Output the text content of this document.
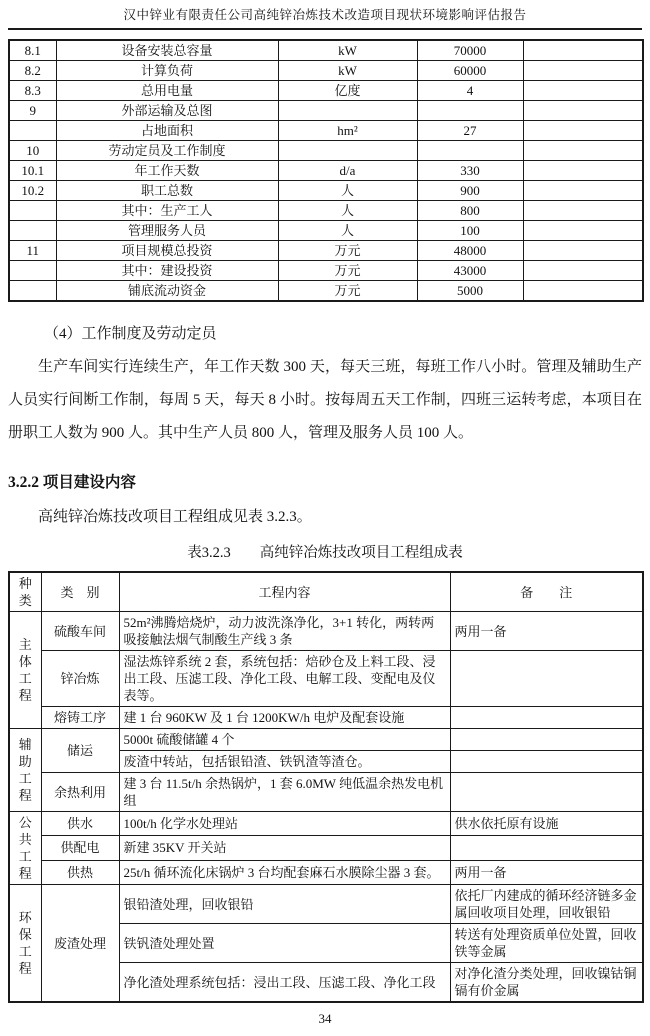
汉中锌业有限责任公司高纯锌冶炼技术改造项目现状环境影响评估报告
8.1	设备安装总容量	kW	70000	
8.2	计算负荷	kW	60000	
8.3	总用电量	亿度	4	
9	外部运输及总图			
	占地面积	hm²	27	
10	劳动定员及工作制度			
10.1	年工作天数	d/a	330	
10.2	职工总数	人	900	
	其中：生产工人	人	800	
	管理服务人员	人	100	
11	项目规模总投资	万元	48000	
	其中：建设投资	万元	43000	
	铺底流动资金	万元	5000	
（4）工作制度及劳动定员
生产车间实行连续生产，年工作天数 300 天，每天三班，每班工作八小时。管理及辅助生产人员实行间断工作制，每周 5 天，每天 8 小时。按每周五天工作制，四班三运转考虑，本项目在册职工人数为 900 人。其中生产人员 800 人，管理及服务人员 100 人。
3.2.2 项目建设内容
高纯锌冶炼技改项目工程组成见表 3.2.3。
表3.2.3　　高纯锌冶炼技改项目工程组成表
种类	类　别	工程内容	备　　注
主体工程	硫酸车间	52m²沸腾焙烧炉，动力波洗涤净化，3+1 转化，两转两吸接触法烟气制酸生产线 3 条	两用一备
	锌冶炼	湿法炼锌系统 2 套，系统包括：焙砂仓及上料工段、浸出工段、压滤工段、净化工段、电解工段、变配电及仪表等。	
	熔铸工序	建 1 台 960KW 及 1 台 1200KW/h 电炉及配套设施	
辅助工程	储运	5000t 硫酸储罐 4 个	
		废渣中转站，包括银铅渣、铁钒渣等渣仓。	
	余热利用	建 3 台 11.5t/h 余热锅炉，1 套 6.0MW 纯低温余热发电机组	
公共工程	供水	100t/h 化学水处理站	供水依托原有设施
	供配电	新建 35KV 开关站	
	供热	25t/h 循环流化床锅炉 3 台均配套麻石水膜除尘器 3 套。	两用一备
环保工程	废渣处理	银铅渣处理，回收银铅	依托厂内建成的循环经济链多金属回收项目处理，回收银铅
		铁钒渣处理处置	转送有处理资质单位处置，回收铁等金属
		净化渣处理系统包括：浸出工段、压滤工段、净化工段	对净化渣分类处理，回收镍钴铜镉有价金属
34
